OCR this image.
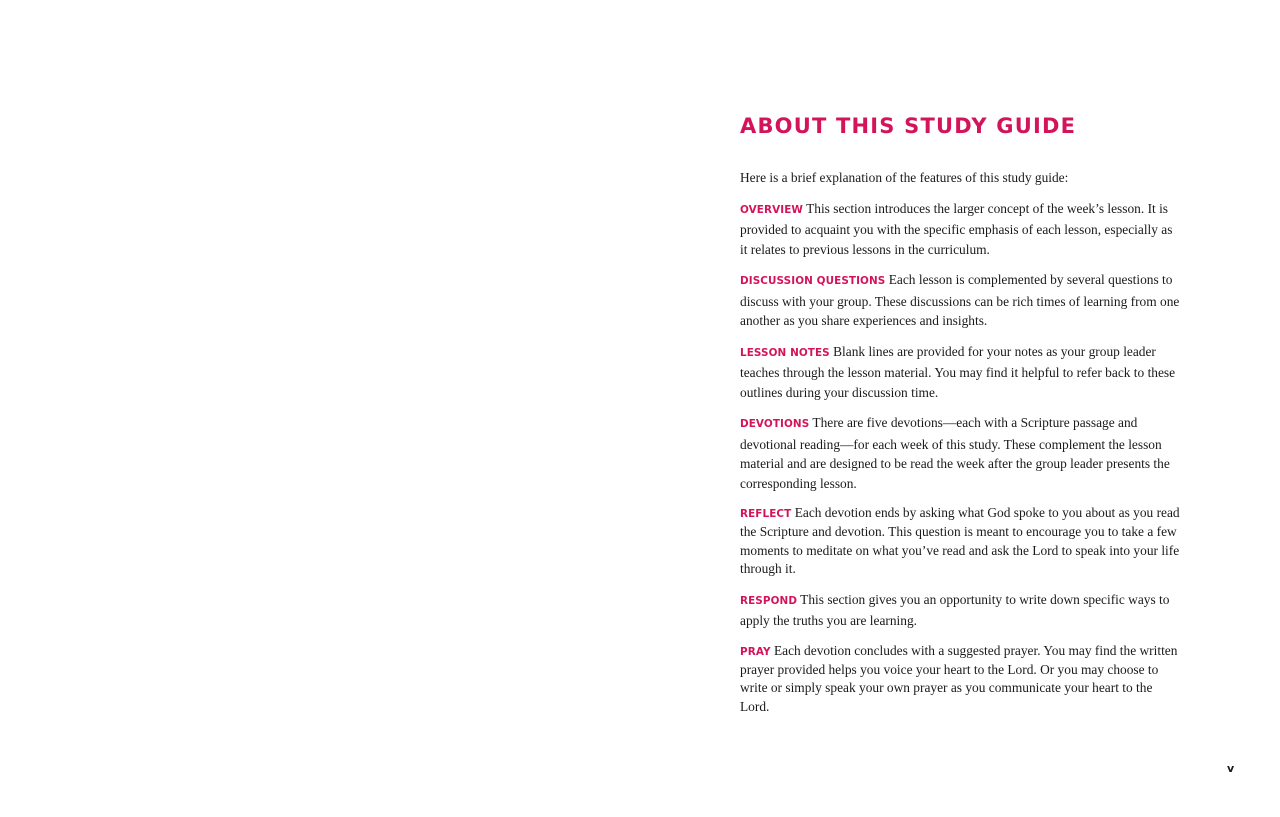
ABOUT THIS STUDY GUIDE

Here is a brief explanation of the features of this study guide:

OVERVIEW This section introduces the larger concept of the week’s lesson. It is provided to acquaint you with the specific emphasis of each lesson, especially as it relates to previous lessons in the curriculum.

DISCUSSION QUESTIONS Each lesson is complemented by several questions to discuss with your group. These discussions can be rich times of learning from one another as you share experiences and insights.

LESSON NOTES Blank lines are provided for your notes as your group leader teaches through the lesson material. You may find it helpful to refer back to these outlines during your discussion time.

DEVOTIONS There are five devotions—each with a Scripture passage and devotional reading—for each week of this study. These complement the lesson material and are designed to be read the week after the group leader presents the corresponding lesson.

REFLECT Each devotion ends by asking what God spoke to you about as you read the Scripture and devotion. This question is meant to encourage you to take a few moments to meditate on what you’ve read and ask the Lord to speak into your life through it.

RESPOND This section gives you an opportunity to write down specific ways to apply the truths you are learning.

PRAY Each devotion concludes with a suggested prayer. You may find the written prayer provided helps you voice your heart to the Lord. Or you may choose to write or simply speak your own prayer as you communicate your heart to the Lord.

v
